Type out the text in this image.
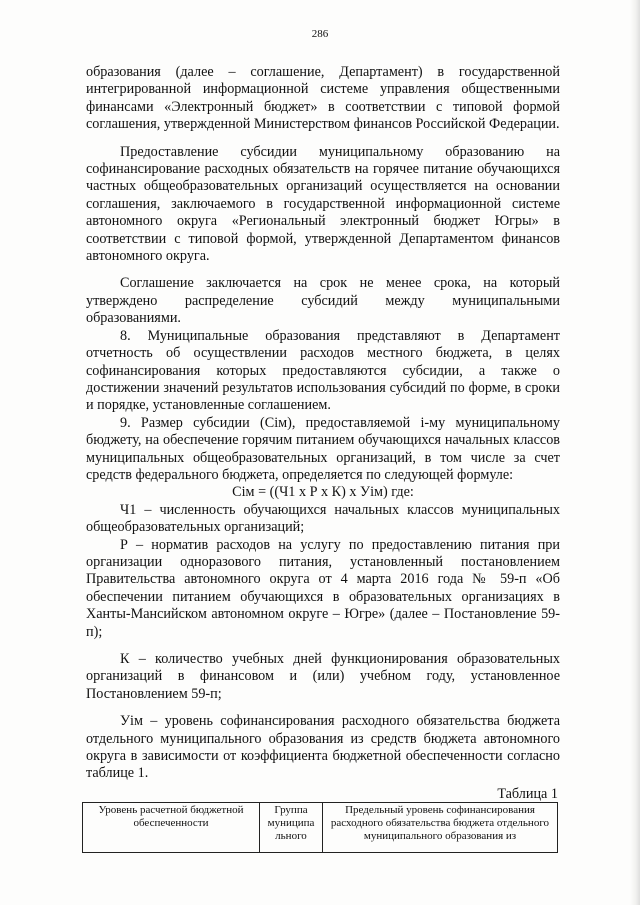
286

образования (далее – соглашение, Департамент) в государственной интегрированной информационной системе управления общественными финансами «Электронный бюджет» в соответствии с типовой формой соглашения, утвержденной Министерством финансов Российской Федерации.

Предоставление субсидии муниципальному образованию на софинансирование расходных обязательств на горячее питание обучающихся частных общеобразовательных организаций осуществляется на основании соглашения, заключаемого в государственной информационной системе автономного округа «Региональный электронный бюджет Югры» в соответствии с типовой формой, утвержденной Департаментом финансов автономного округа.

Соглашение заключается на срок не менее срока, на который утверждено распределение субсидий между муниципальными образованиями.

8. Муниципальные образования представляют в Департамент отчетность об осуществлении расходов местного бюджета, в целях софинансирования которых предоставляются субсидии, а также о достижении значений результатов использования субсидий по форме, в сроки и порядке, установленные соглашением.

9. Размер субсидии (Сiм), предоставляемой i-му муниципальному бюджету, на обеспечение горячим питанием обучающихся начальных классов муниципальных общеобразовательных организаций, в том числе за счет средств федерального бюджета, определяется по следующей формуле:

Сiм = ((Ч1 х Р х К) х Уiм) где:

Ч1 – численность обучающихся начальных классов муниципальных общеобразовательных организаций;

Р – норматив расходов на услугу по предоставлению питания при организации одноразового питания, установленный постановлением Правительства автономного округа от 4 марта 2016 года № 59-п «Об обеспечении питанием обучающихся в образовательных организациях в Ханты-Мансийском автономном округе – Югре» (далее – Постановление 59-п);

К – количество учебных дней функционирования образовательных организаций в финансовом и (или) учебном году, установленное Постановлением 59-п;

Уiм – уровень софинансирования расходного обязательства бюджета отдельного муниципального образования из средств бюджета автономного округа в зависимости от коэффициента бюджетной обеспеченности согласно таблице 1.

Таблица 1
Уровень расчетной бюджетной обеспеченности	Группа муниципа льного	Предельный уровень софинансирования расходного обязательства бюджета отдельного муниципального образования из
